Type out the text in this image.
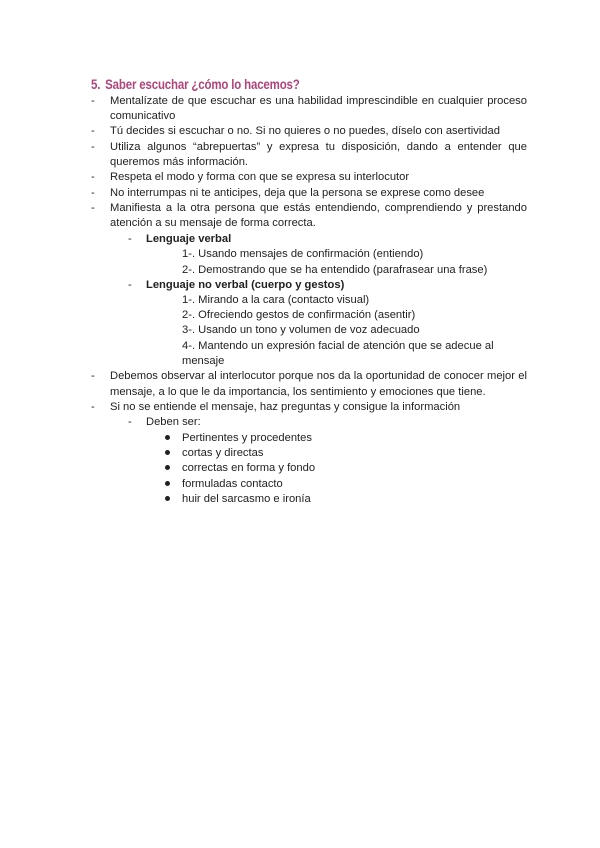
5. Saber escuchar ¿cómo lo hacemos?
- Mentalízate de que escuchar es una habilidad imprescindible en cualquier proceso
comunicativo
- Tú decides si escuchar o no. Si no quieres o no puedes, díselo con asertividad
- Utiliza algunos “abrepuertas” y expresa tu disposición, dando a entender que
queremos más información.
- Respeta el modo y forma con que se expresa su interlocutor
- No interrumpas ni te anticipes, deja que la persona se exprese como desee
- Manifiesta a la otra persona que estás entendiendo, comprendiendo y prestando
atención a su mensaje de forma correcta.
- Lenguaje verbal
1-. Usando mensajes de confirmación (entiendo)
2-. Demostrando que se ha entendido (parafrasear una frase)
- Lenguaje no verbal (cuerpo y gestos)
1-. Mirando a la cara (contacto visual)
2-. Ofreciendo gestos de confirmación (asentir)
3-. Usando un tono y volumen de voz adecuado
4-. Mantendo un expresión facial de atención que se adecue al
mensaje
- Debemos observar al interlocutor porque nos da la oportunidad de conocer mejor el
mensaje, a lo que le da importancia, los sentimiento y emociones que tiene.
- Si no se entiende el mensaje, haz preguntas y consigue la información
- Deben ser:
Pertinentes y procedentes
cortas y directas
correctas en forma y fondo
formuladas contacto
huir del sarcasmo e ironía
